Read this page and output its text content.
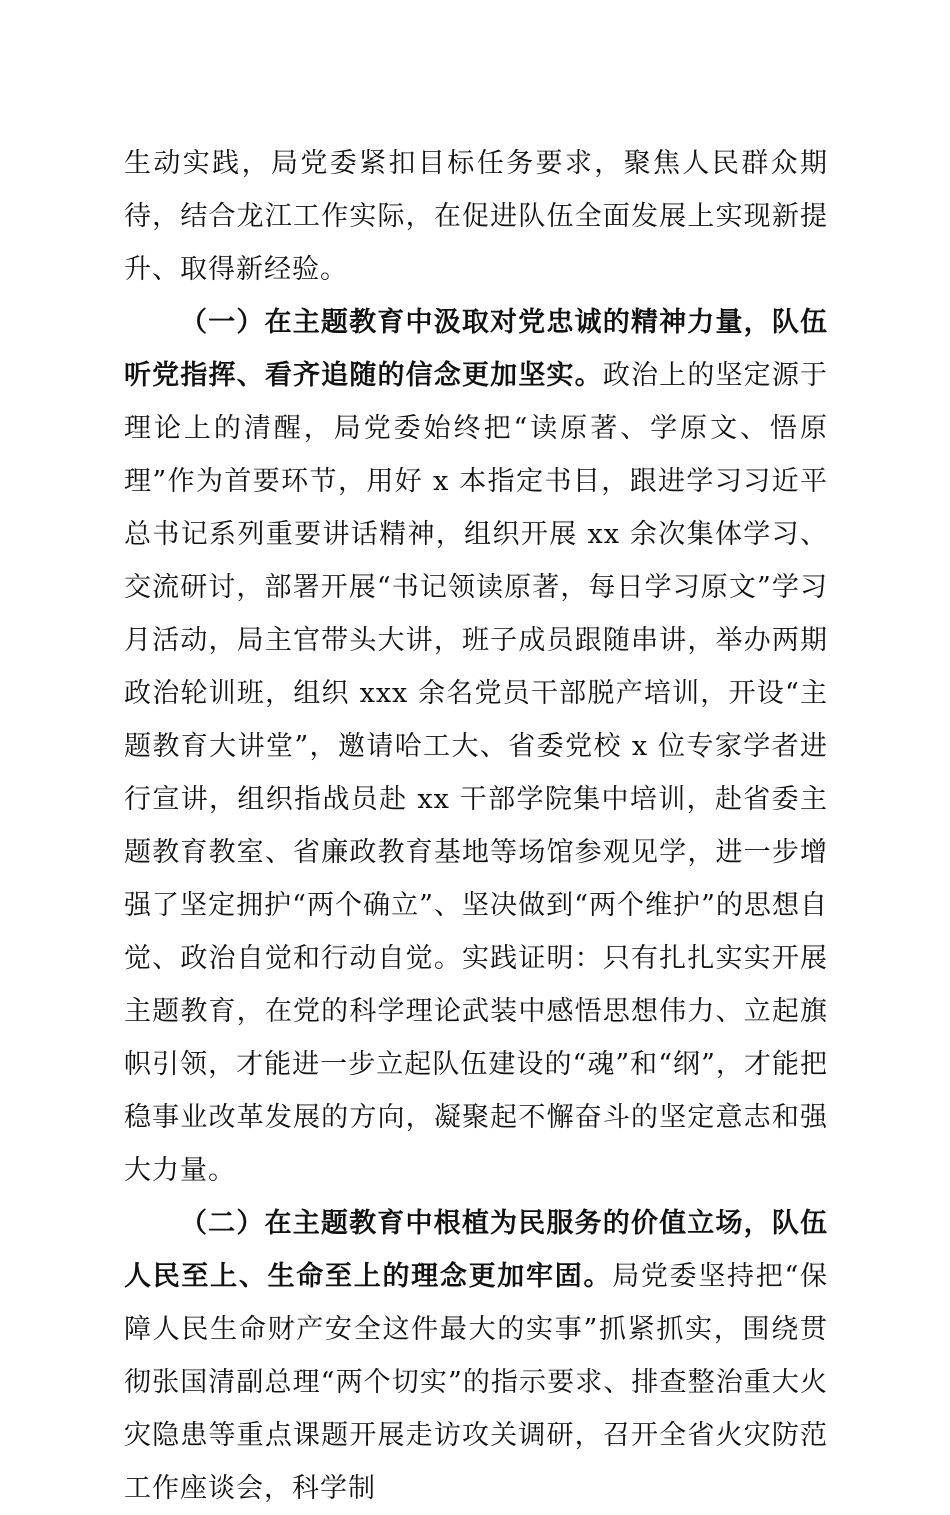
生动实践，局党委紧扣目标任务要求，聚焦人民群众期待，结合龙江工作实际，在促进队伍全面发展上实现新提升、取得新经验。

（一）在主题教育中汲取对党忠诚的精神力量，队伍听党指挥、看齐追随的信念更加坚实。政治上的坚定源于理论上的清醒，局党委始终把“读原著、学原文、悟原理”作为首要环节，用好 x 本指定书目，跟进学习习近平总书记系列重要讲话精神，组织开展 xx 余次集体学习、交流研讨，部署开展“书记领读原著，每日学习原文”学习月活动，局主官带头大讲，班子成员跟随串讲，举办两期政治轮训班，组织 xxx 余名党员干部脱产培训，开设“主题教育大讲堂”，邀请哈工大、省委党校 x 位专家学者进行宣讲，组织指战员赴 xx 干部学院集中培训，赴省委主题教育教室、省廉政教育基地等场馆参观见学，进一步增强了坚定拥护“两个确立”、坚决做到“两个维护”的思想自觉、政治自觉和行动自觉。实践证明：只有扎扎实实开展主题教育，在党的科学理论武装中感悟思想伟力、立起旗帜引领，才能进一步立起队伍建设的“魂”和“纲”，才能把稳事业改革发展的方向，凝聚起不懈奋斗的坚定意志和强大力量。

（二）在主题教育中根植为民服务的价值立场，队伍人民至上、生命至上的理念更加牢固。局党委坚持把“保障人民生命财产安全这件最大的实事”抓紧抓实，围绕贯彻张国清副总理“两个切实”的指示要求、排查整治重大火灾隐患等重点课题开展走访攻关调研，召开全省火灾防范工作座谈会，科学制
